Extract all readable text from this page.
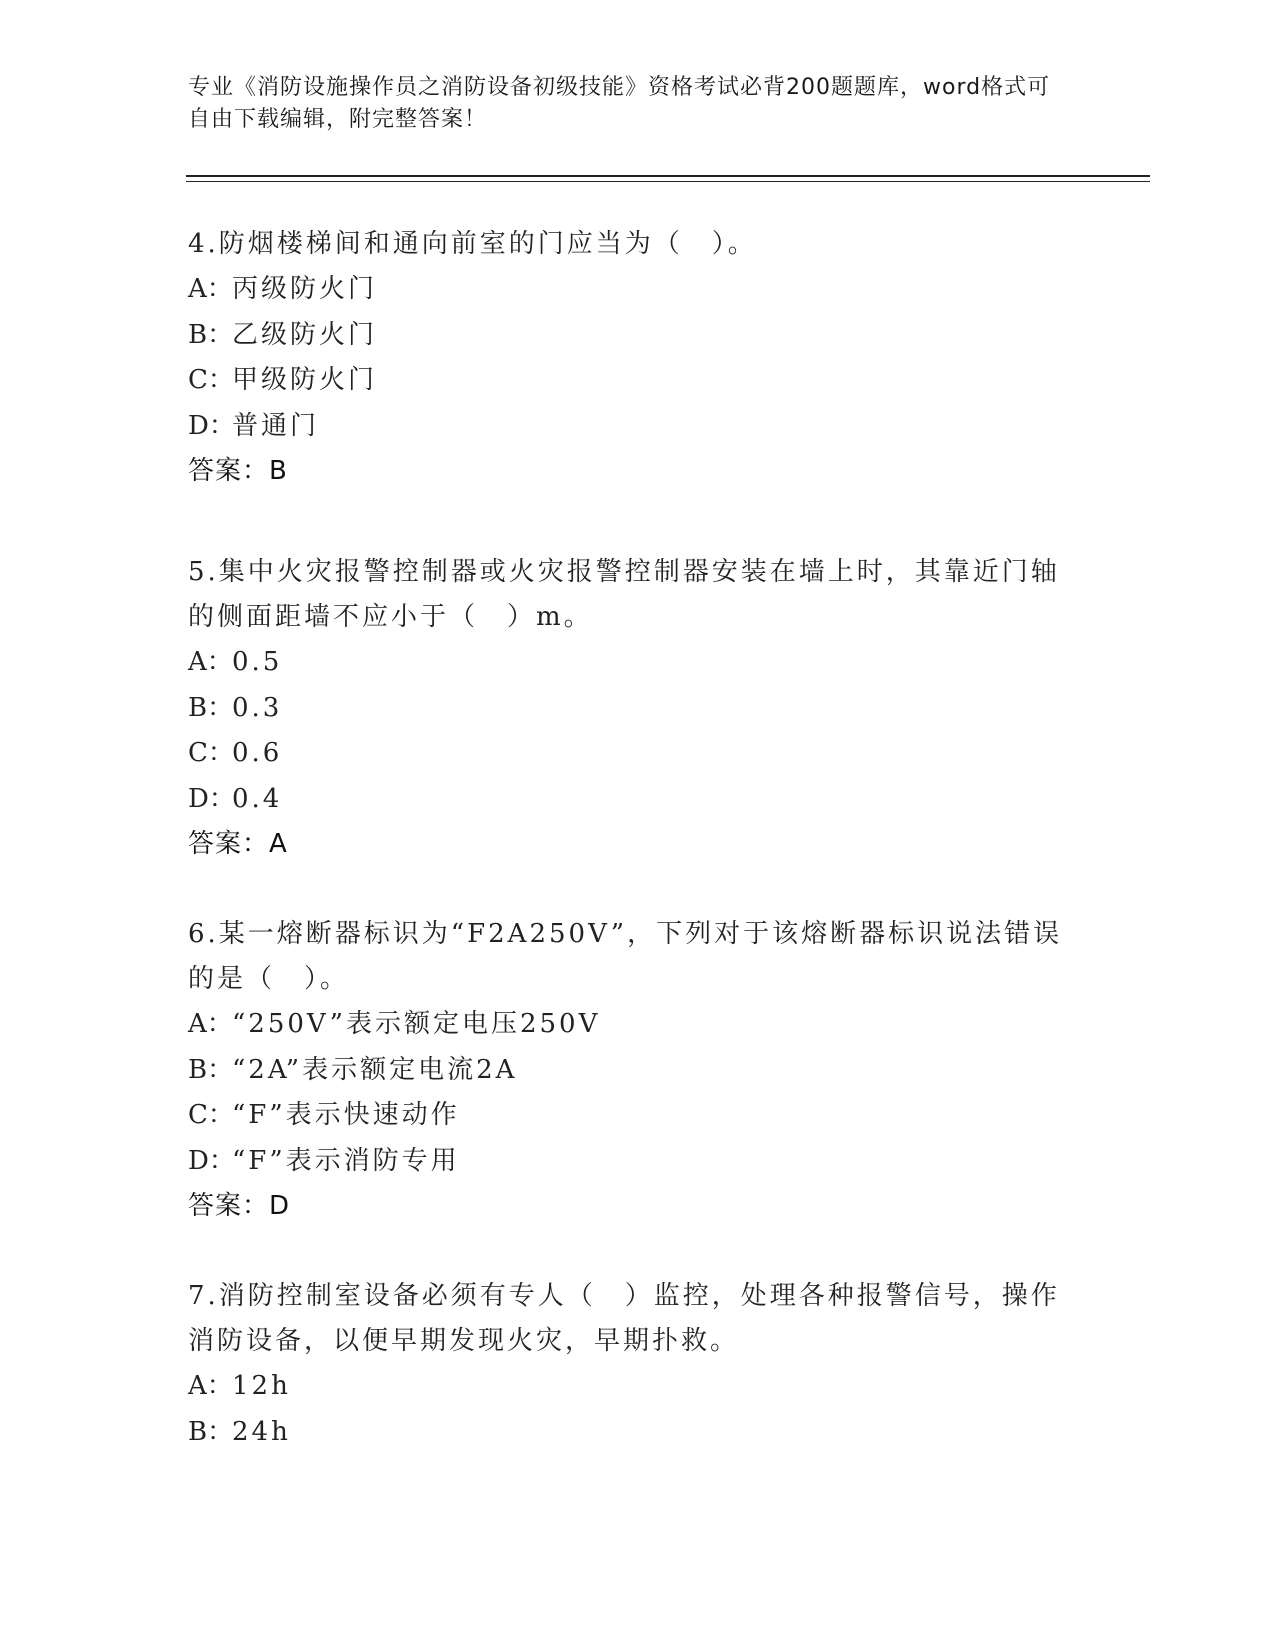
专业《消防设施操作员之消防设备初级技能》资格考试必背200题题库，word格式可自由下载编辑，附完整答案！
4.防烟楼梯间和通向前室的门应当为（　）。
A：丙级防火门
B：乙级防火门
C：甲级防火门
D：普通门
答案：B
5.集中火灾报警控制器或火灾报警控制器安装在墙上时，其靠近门轴的侧面距墙不应小于（　）m。
A：0.5
B：0.3
C：0.6
D：0.4
答案：A
6.某一熔断器标识为“F2A250V”，下列对于该熔断器标识说法错误的是（　）。
A：“250V”表示额定电压250V
B：“2A”表示额定电流2A
C：“F”表示快速动作
D：“F”表示消防专用
答案：D
7.消防控制室设备必须有专人（　）监控，处理各种报警信号，操作消防设备，以便早期发现火灾，早期扑救。
A：12h
B：24h
